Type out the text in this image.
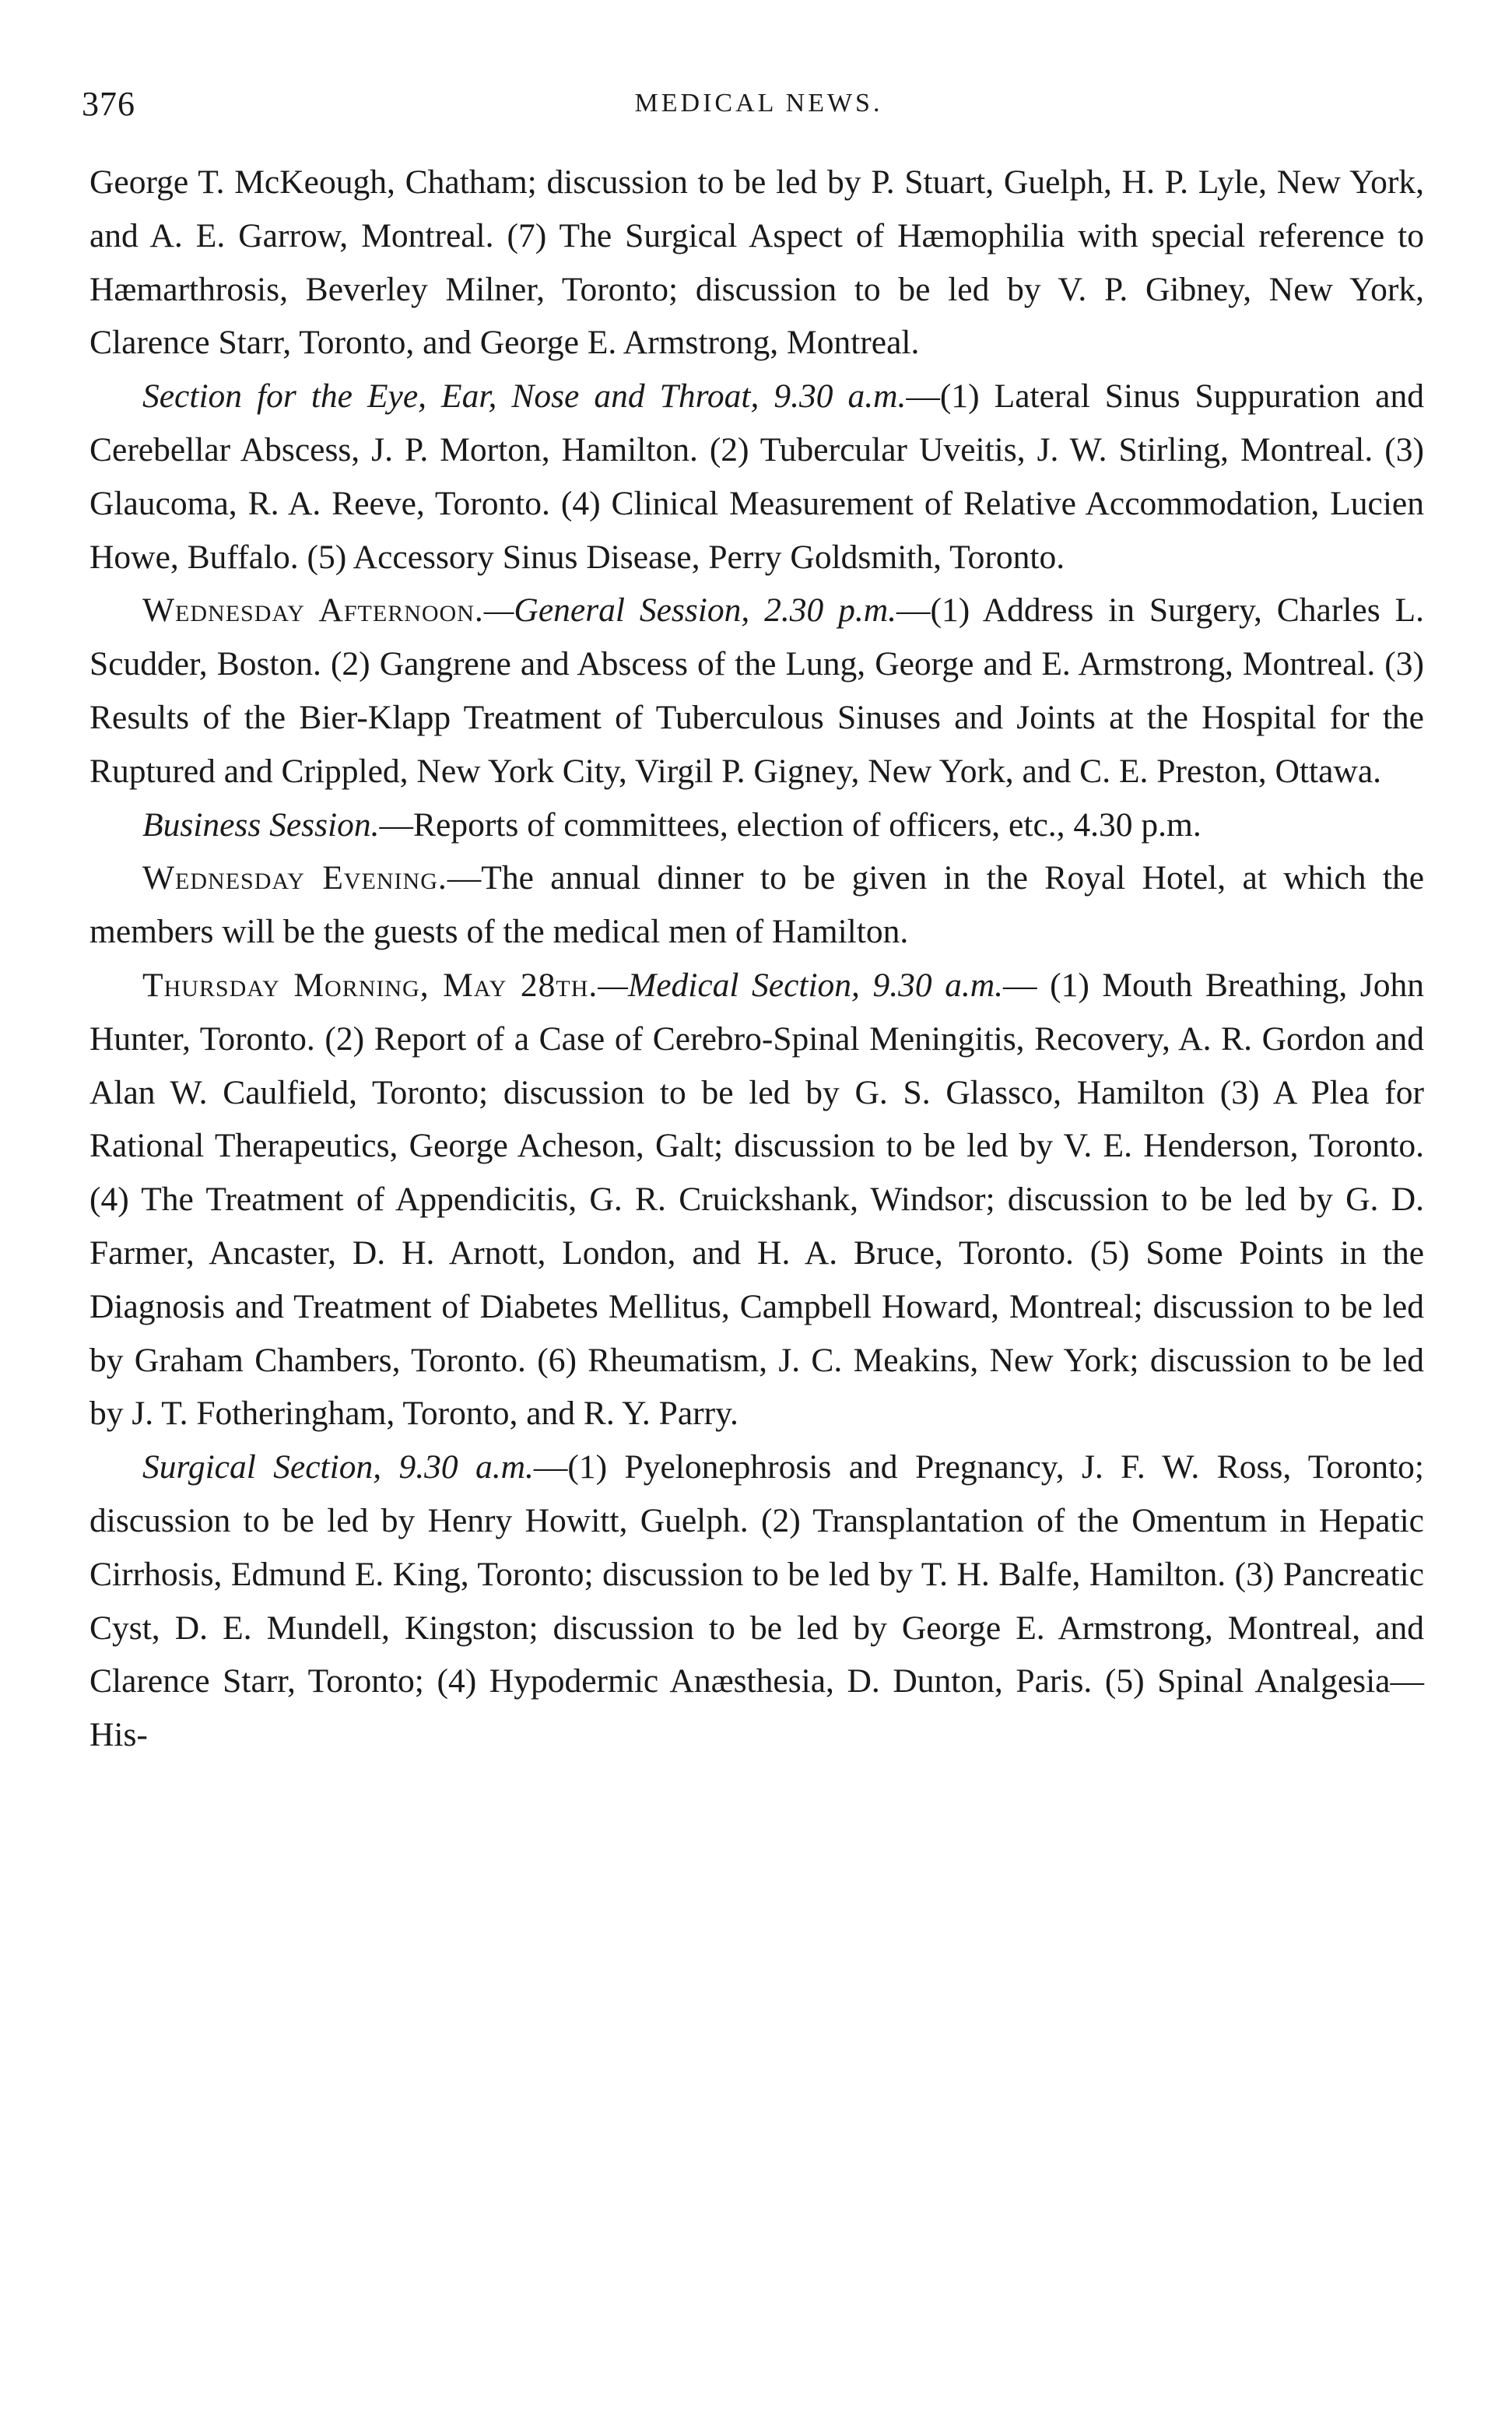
376	MEDICAL NEWS.

George T. McKeough, Chatham; discussion to be led by P. Stuart, Guelph, H. P. Lyle, New York, and A. E. Garrow, Montreal. (7) The Surgical Aspect of Hæmophilia with special reference to Hæmarthrosis, Beverley Milner, Toronto; discussion to be led by V. P. Gibney, New York, Clarence Starr, Toronto, and George E. Armstrong, Montreal.

Section for the Eye, Ear, Nose and Throat, 9.30 a.m.—(1) Lateral Sinus Suppuration and Cerebellar Abscess, J. P. Morton, Hamilton. (2) Tubercular Uveitis, J. W. Stirling, Montreal. (3) Glaucoma, R. A. Reeve, Toronto. (4) Clinical Measurement of Relative Accommodation, Lucien Howe, Buffalo. (5) Accessory Sinus Disease, Perry Goldsmith, Toronto.

Wednesday Afternoon.—General Session, 2.30 p.m.—(1) Address in Surgery, Charles L. Scudder, Boston. (2) Gangrene and Abscess of the Lung, George and E. Armstrong, Montreal. (3) Results of the Bier-Klapp Treatment of Tuberculous Sinuses and Joints at the Hospital for the Ruptured and Crippled, New York City, Virgil P. Gigney, New York, and C. E. Preston, Ottawa.

Business Session.—Reports of committees, election of officers, etc., 4.30 p.m.

Wednesday Evening.—The annual dinner to be given in the Royal Hotel, at which the members will be the guests of the medical men of Hamilton.

Thursday Morning, May 28th.—Medical Section, 9.30 a.m.— (1) Mouth Breathing, John Hunter, Toronto. (2) Report of a Case of Cerebro-Spinal Meningitis, Recovery, A. R. Gordon and Alan W. Caulfield, Toronto; discussion to be led by G. S. Glassco, Hamilton (3) A Plea for Rational Therapeutics, George Acheson, Galt; discussion to be led by V. E. Henderson, Toronto. (4) The Treatment of Appendicitis, G. R. Cruickshank, Windsor; discussion to be led by G. D. Farmer, Ancaster, D. H. Arnott, London, and H. A. Bruce, Toronto. (5) Some Points in the Diagnosis and Treatment of Diabetes Mellitus, Campbell Howard, Montreal; discussion to be led by Graham Chambers, Toronto. (6) Rheumatism, J. C. Meakins, New York; discussion to be led by J. T. Fotheringham, Toronto, and R. Y. Parry.

Surgical Section, 9.30 a.m.—(1) Pyelonephrosis and Pregnancy, J. F. W. Ross, Toronto; discussion to be led by Henry Howitt, Guelph. (2) Transplantation of the Omentum in Hepatic Cirrhosis, Edmund E. King, Toronto; discussion to be led by T. H. Balfe, Hamilton. (3) Pancreatic Cyst, D. E. Mundell, Kingston; discussion to be led by George E. Armstrong, Montreal, and Clarence Starr, Toronto; (4) Hypodermic Anæsthesia, D. Dunton, Paris. (5) Spinal Analgesia—His-
